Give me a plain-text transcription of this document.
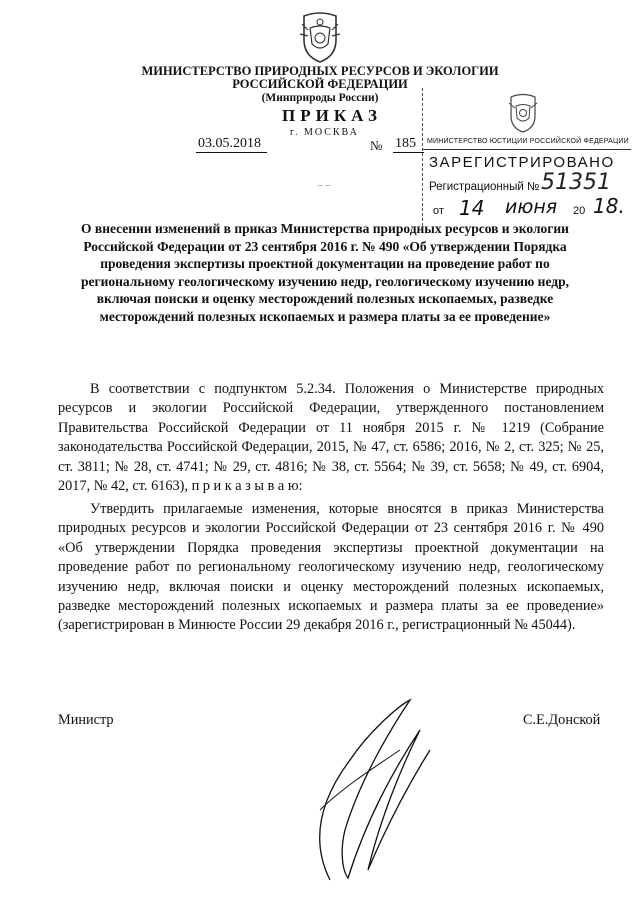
МИНИСТЕРСТВО ПРИРОДНЫХ РЕСУРСОВ И ЭКОЛОГИИ
РОССИЙСКОЙ ФЕДЕРАЦИИ
(Минприроды России)
ПРИКАЗ
г. МОСКВА
03.05.2018	№ 185	МИНИСТЕРСТВО ЮСТИЦИИ РОССИЙСКОЙ ФЕДЕРАЦИИ
ЗАРЕГИСТРИРОВАНО
Регистрационный № 51351
от 14 июня 20 18.
– –
О внесении изменений в приказ Министерства природных ресурсов и экологии Российской Федерации от 23 сентября 2016 г. № 490 «Об утверждении Порядка проведения экспертизы проектной документации на проведение работ по региональному геологическому изучению недр, геологическому изучению недр, включая поиски и оценку месторождений полезных ископаемых, разведке месторождений полезных ископаемых и размера платы за ее проведение»
В соответствии с подпунктом 5.2.34. Положения о Министерстве природных ресурсов и экологии Российской Федерации, утвержденного постановлением Правительства Российской Федерации от 11 ноября 2015 г. № 1219 (Собрание законодательства Российской Федерации, 2015, № 47, ст. 6586; 2016, № 2, ст. 325; № 25, ст. 3811; № 28, ст. 4741; № 29, ст. 4816; № 38, ст. 5564; № 39, ст. 5658; № 49, ст. 6904, 2017, № 42, ст. 6163), п р и к а з ы в а ю:
Утвердить прилагаемые изменения, которые вносятся в приказ Министерства природных ресурсов и экологии Российской Федерации от 23 сентября 2016 г. № 490 «Об утверждении Порядка проведения экспертизы проектной документации на проведение работ по региональному геологическому изучению недр, геологическому изучению недр, включая поиски и оценку месторождений полезных ископаемых, разведке месторождений полезных ископаемых и размера платы за ее проведение» (зарегистрирован в Минюсте России 29 декабря 2016 г., регистрационный № 45044).
Министр	С.Е.Донской
